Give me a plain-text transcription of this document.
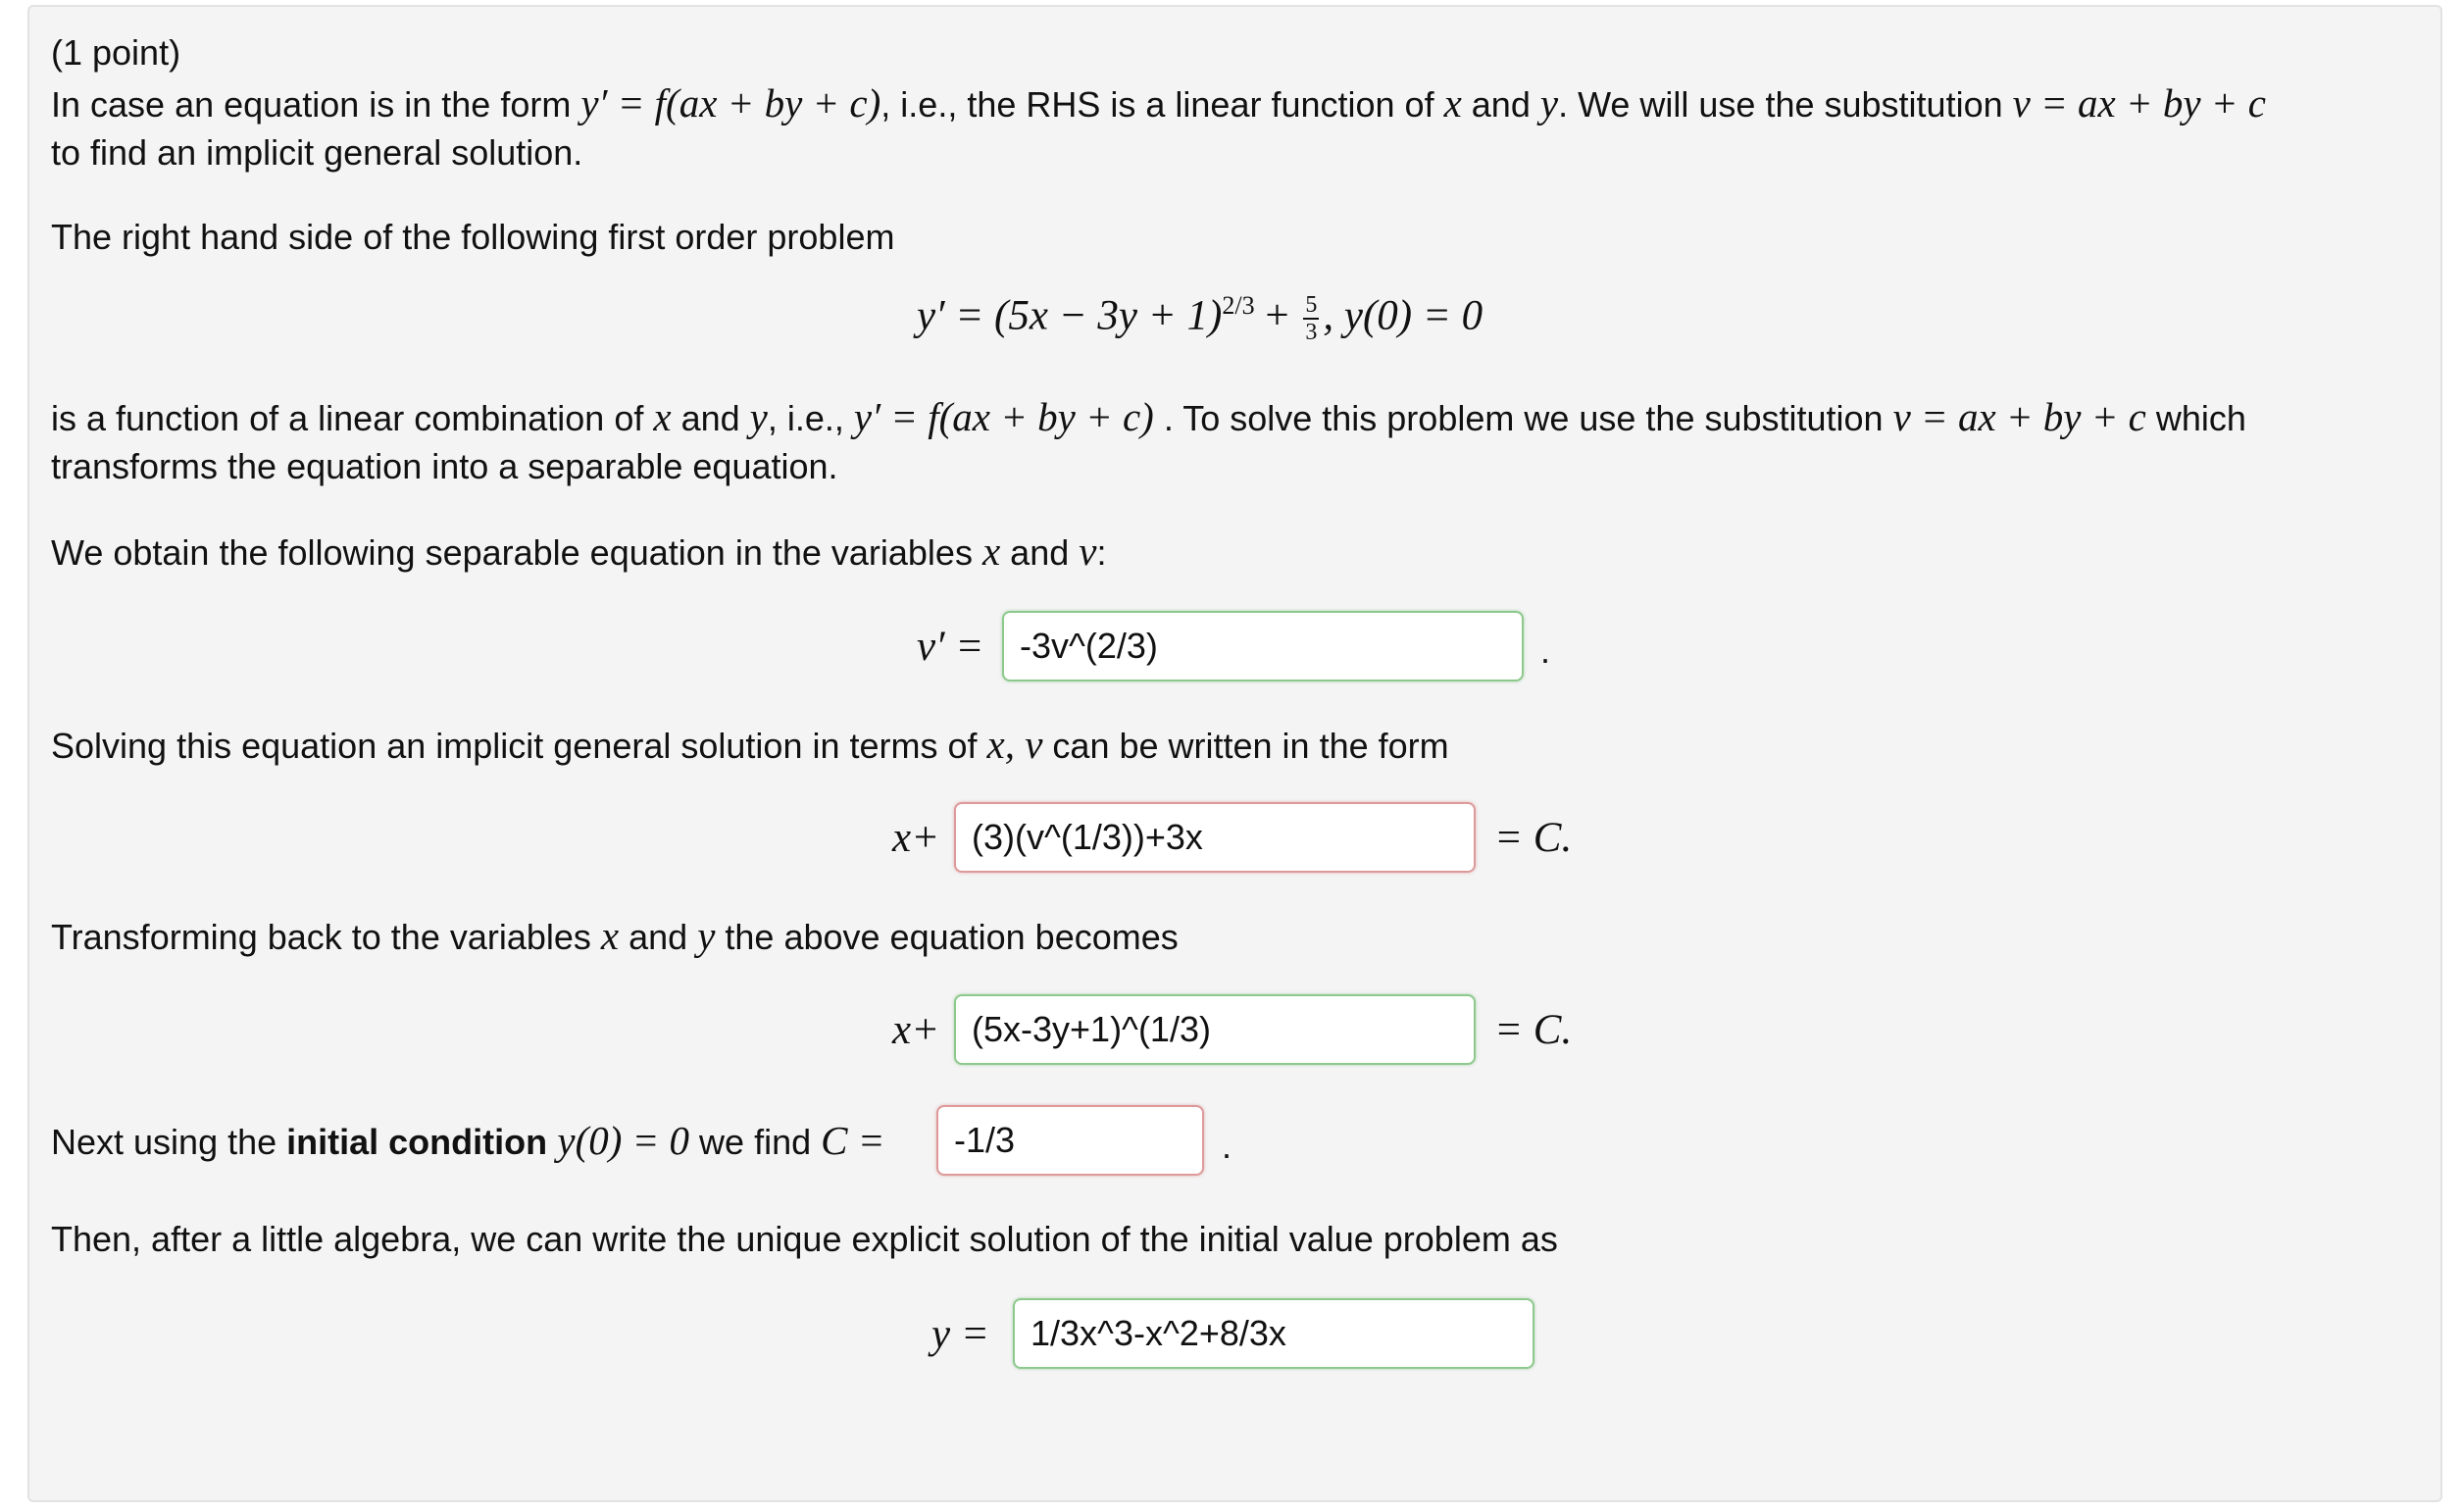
(1 point)
In case an equation is in the form y′ = f(ax + by + c), i.e., the RHS is a linear function of x and y. We will use the substitution v = ax + by + c
to find an implicit general solution.
The right hand side of the following first order problem
$y' = (5x - 3y + 1)^{2/3} + \frac{5}{3}$ , y(0) = 0
is a function of a linear combination of x and y, i.e., y′ = f(ax + by + c) . To solve this problem we use the substitution v = ax + by + c which
transforms the equation into a separable equation.
We obtain the following separable equation in the variables x and v:
v′ =
-3v^(2/3)	.
Solving this equation an implicit general solution in terms of x, v can be written in the form
x+
(3)(v^(1/3))+3x	= C.
Transforming back to the variables x and y the above equation becomes
x+
(5x-3y+1)^(1/3)	= C.
Next using the initial condition y(0) = 0 we find C =
-1/3	.
Then, after a little algebra, we can write the unique explicit solution of the initial value problem as
y =
1/3x^3-x^2+8/3x
